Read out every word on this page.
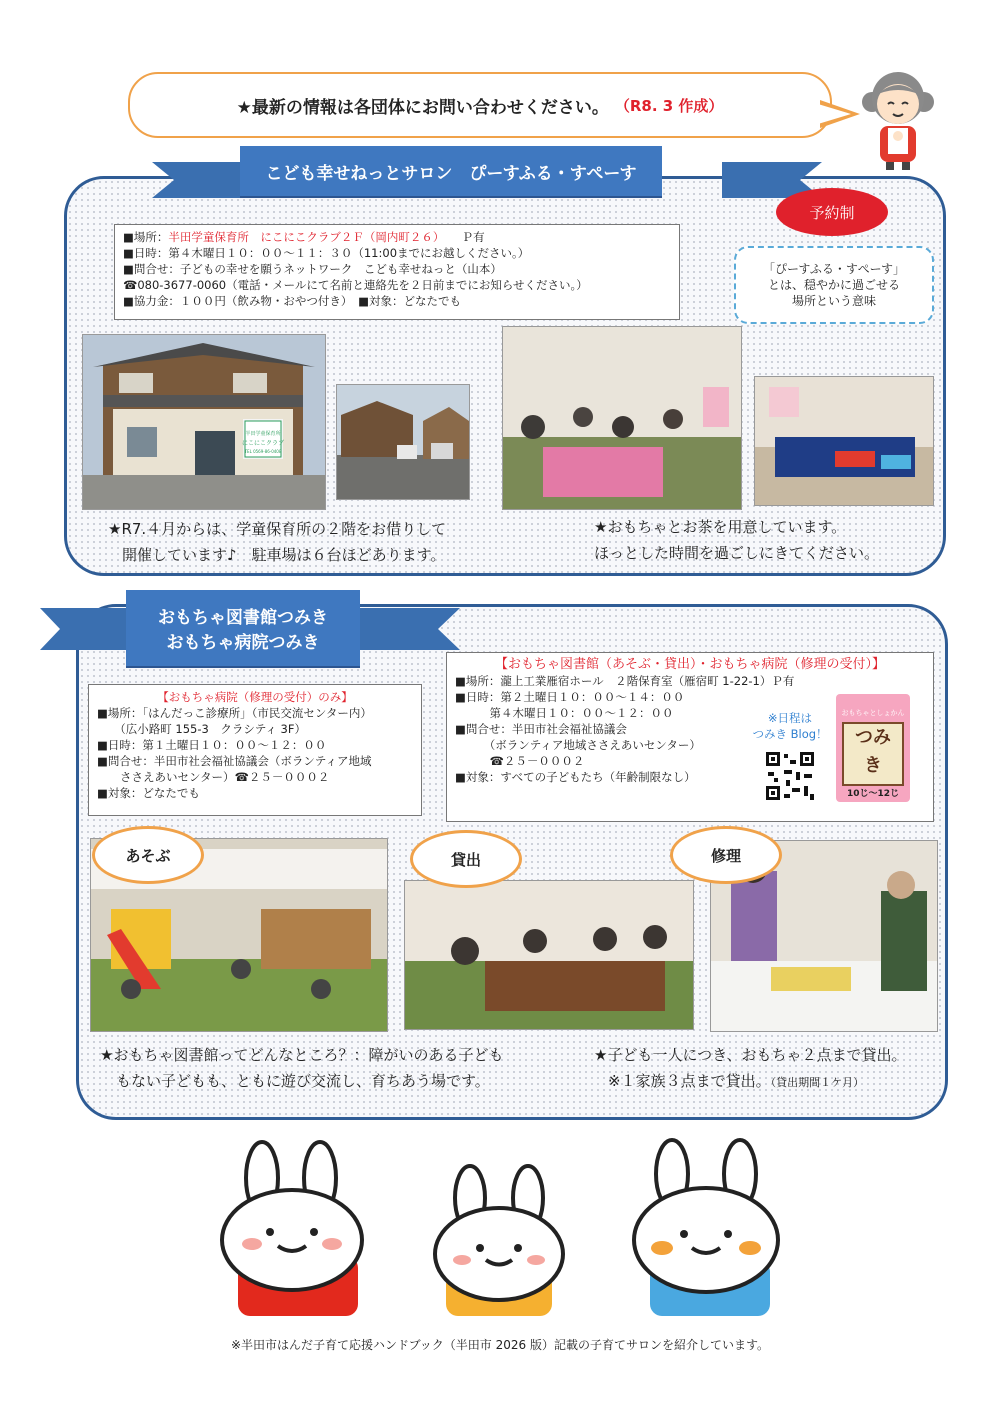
★最新の情報は各団体にお問い合わせください。 （R8. 3 作成）
こども幸せねっとサロン　ぴーすふる・すぺーす
予約制
■場所：半田学童保育所　にこにこクラブ２Ｆ（岡内町２６）　　 Ｐ有
■日時：第４木曜日１０：００～１１：３０（11:00までにお越しください。）
■問合せ：子どもの幸せを願うネットワーク　こども幸せねっと（山本）
☎080-3677-0060（電話・メールにて名前と連絡先を２日前までにお知らせください。）
■協力金：１００円（飲み物・おやつ付き）　■対象：どなたでも
「ぴーすふる・すぺーす」
とは、穏やかに過ごせる
場所という意味
半田学童保育所
にこにこクラブ
TEL 0569-86-0408
★R7.４月からは、学童保育所の２階をお借りして
開催しています♪　駐車場は６台ほどあります。
★おもちゃとお茶を用意しています。
ほっとした時間を過ごしにきてください。
おもちゃ図書館つみき
おもちゃ病院つみき
【おもちゃ病院（修理の受付）のみ】
■場所：「はんだっこ診療所」（市民交流センター内）
　　（広小路町 155-3　クラシティ 3F）
■日時：第１土曜日１０：００～１２：００
■問合せ：半田市社会福祉協議会（ボランティア地域
　　ささえあいセンター）☎２５－０００２
■対象：どなたでも
【おもちゃ図書館（あそぶ・貸出）・おもちゃ病院（修理の受付）】
■場所：瀧上工業雁宿ホール　２階保育室（雁宿町 1-22-1）Ｐ有
■日時：第２土曜日１０：００～１４：００
　　　第４木曜日１０：００～１２：００
■問合せ：半田市社会福祉協議会
　　　（ボランティア地域ささえあいセンター）
　　　☎２５－０００２
■対象：すべての子どもたち（年齢制限なし）
※日程は
つみき Blog！
おもちゃとしょかん
つみ
き
10じ〜12じ
あそぶ	貸出	修理
★おもちゃ図書館ってどんなところ？：障がいのある子ども
もない子どもも、ともに遊び交流し、育ちあう場です。
★子ども一人につき、おもちゃ２点まで貸出。
※１家族３点まで貸出。（貸出期間１ケ月）
※半田市はんだ子育て応援ハンドブック（半田市 2026 版）記載の子育てサロンを紹介しています。
